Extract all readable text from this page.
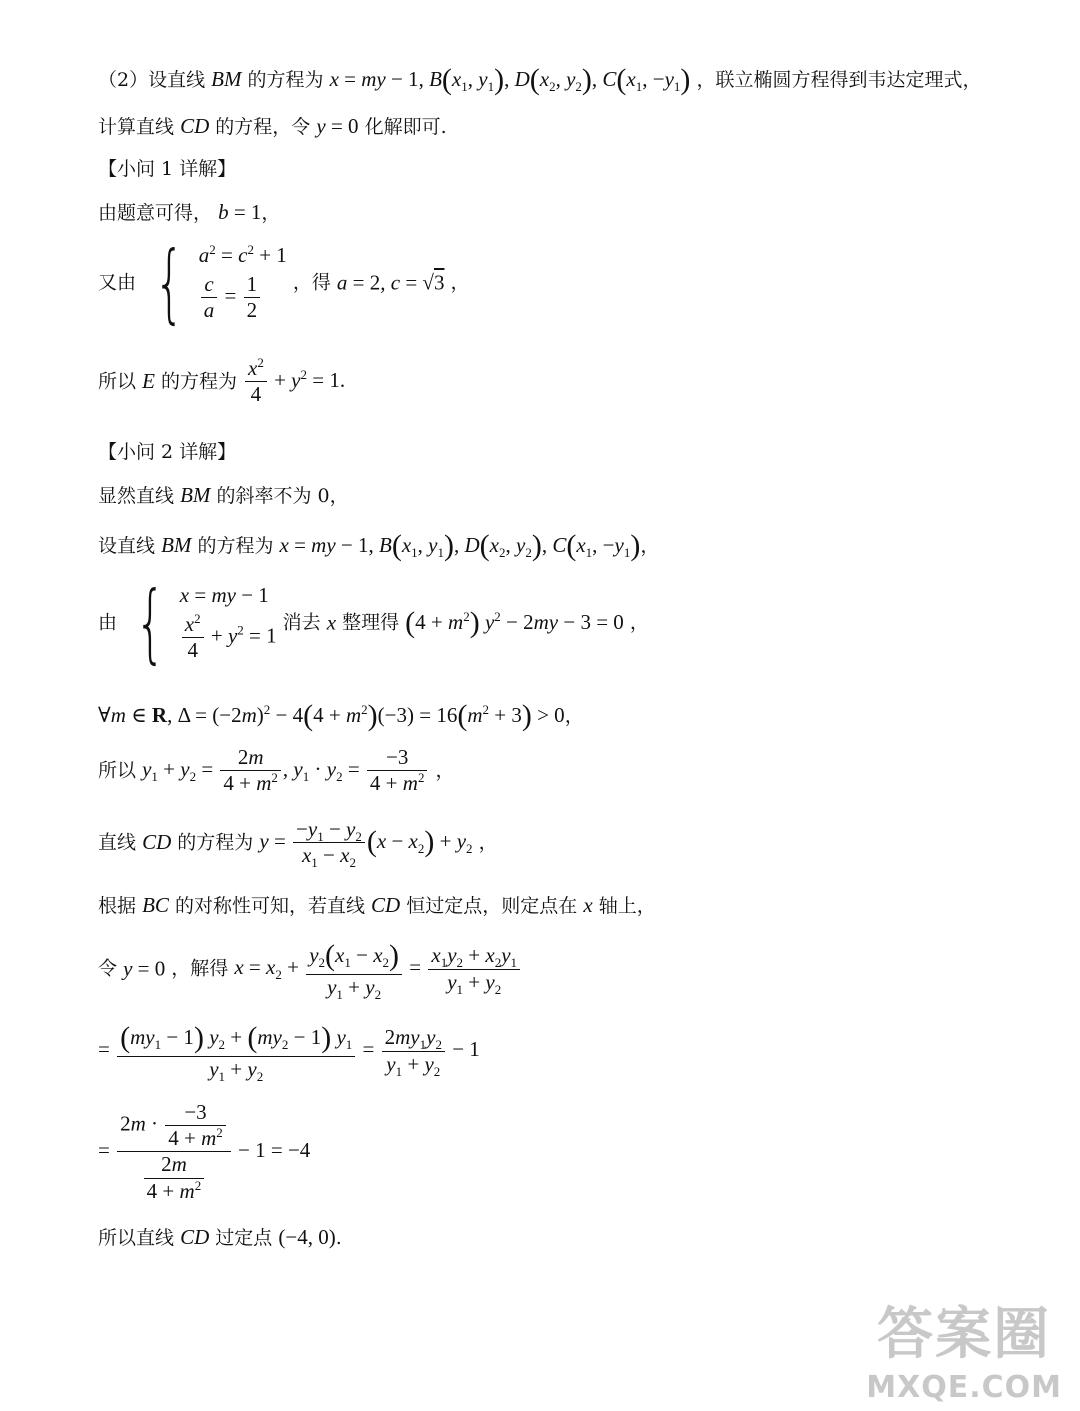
（2）设直线 BM 的方程为 x = my − 1, $B(x_1$, $y_1$), $D(x_2$, $y_2$), $C(x_1$, $-y_1$) ，联立椭圆方程得到韦达定理式，
计算直线 CD 的方程，令 y = 0 化解即可.
【小问 1 详解】
由题意可得， b = 1，
又由 { $a^2 = c^2 + 1$
$\frac{c}{a} = \frac{1}{2}$ ，得 a = 2, c = √3 ，
所以 E 的方程为 $\frac{x^2}{4} + y^2 = 1$.
【小问 2 详解】
显然直线 BM 的斜率不为 0，
设直线 BM 的方程为 x = my − 1, $B(x_1$, $y_1$), $D(x_2$, $y_2$), $C(x_1$, $-y_1$)，
由 { x = my − 1
$\frac{x^2}{4} + y^2 = 1$
消去 x 整理得 $(4 + m^2)$ $y^2 - 2my - 3 = 0$ ，
∀m ∈ R, $\Delta = (-2m)^2 - 4(4 + m^2)(-3) = 16(m^2 + 3) > 0$，
所以 $y_1 + y_2 = \frac{2m}{4 + m^2}$ , $y_1 \cdot y_2 = \frac{-3}{4 + m^2}$ ，
直线 CD 的方程为 $y = \frac{-y_1 - y_2}{x_1 - x_2} (x - x_2) + y_2$ ，
根据 BC 的对称性可知，若直线 CD 恒过定点，则定点在 x 轴上，
令 y = 0 ，解得 $x = x_2 + \frac{y_2(x_1 - x_2)}{y_1 + y_2} = \frac{x_1y_2 + x_2y_1}{y_1 + y_2}$
= $\frac{(my_1 - 1) y_2 + (my_2 - 1) y_1}{y_1 + y_2} = \frac{2my_1y_2}{y_1 + y_2} - 1$
= $\frac{2m \cdot \frac{-3}{4 + m^2}}{\frac{2m}{4 + m^2}} - 1 = -4$
所以直线 CD 过定点 (−4, 0).
答案圈
MXQE.COM
